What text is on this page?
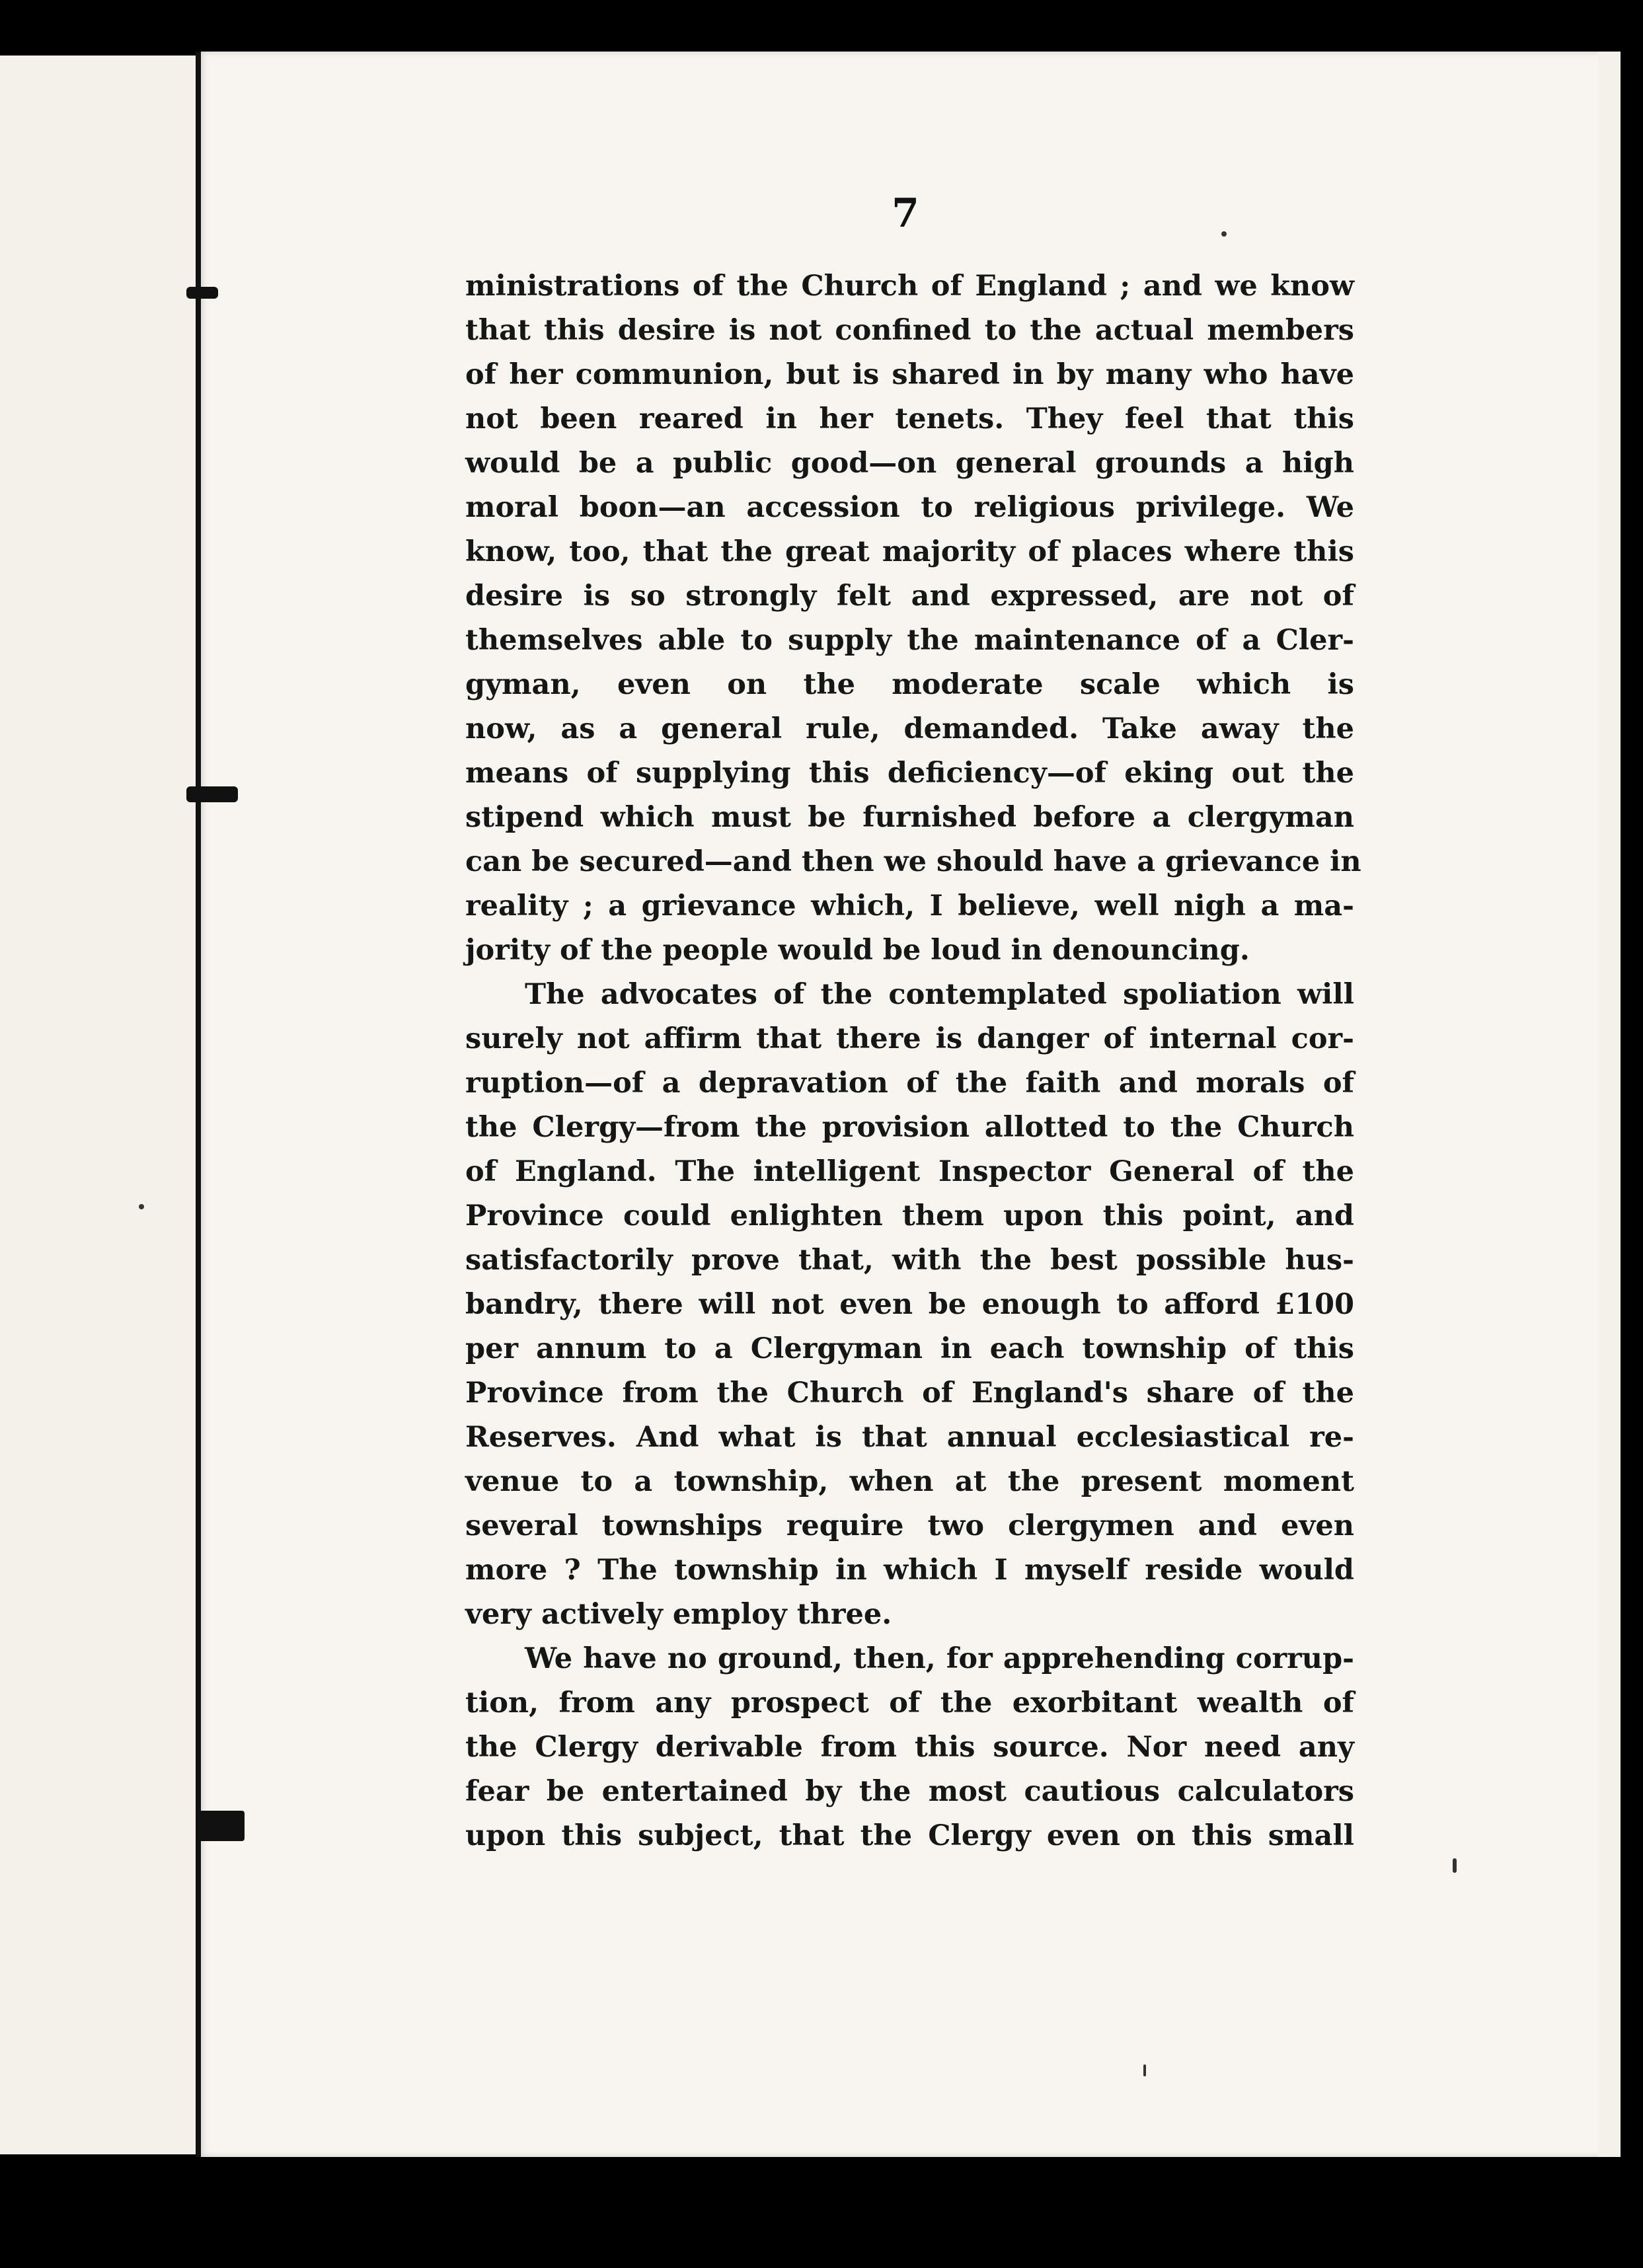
7
ministrations of the Church of England ; and we know
that this desire is not confined to the actual members
of her communion, but is shared in by many who have
not been reared in her tenets. They feel that this
would be a public good—on general grounds a high
moral boon—an accession to religious privilege. We
know, too, that the great majority of places where this
desire is so strongly felt and expressed, are not of
themselves able to supply the maintenance of a Cler-
gyman, even on the moderate scale which is
now, as a general rule, demanded. Take away the
means of supplying this deficiency—of eking out the
stipend which must be furnished before a clergyman
can be secured—and then we should have a grievance in
reality ; a grievance which, I believe, well nigh a ma-
jority of the people would be loud in denouncing.
The advocates of the contemplated spoliation will
surely not affirm that there is danger of internal cor-
ruption—of a depravation of the faith and morals of
the Clergy—from the provision allotted to the Church
of England. The intelligent Inspector General of the
Province could enlighten them upon this point, and
satisfactorily prove that, with the best possible hus-
bandry, there will not even be enough to afford £100
per annum to a Clergyman in each township of this
Province from the Church of England's share of the
Reserves. And what is that annual ecclesiastical re-
venue to a township, when at the present moment
several townships require two clergymen and even
more ? The township in which I myself reside would
very actively employ three.
We have no ground, then, for apprehending corrup-
tion, from any prospect of the exorbitant wealth of
the Clergy derivable from this source. Nor need any
fear be entertained by the most cautious calculators
upon this subject, that the Clergy even on this small
